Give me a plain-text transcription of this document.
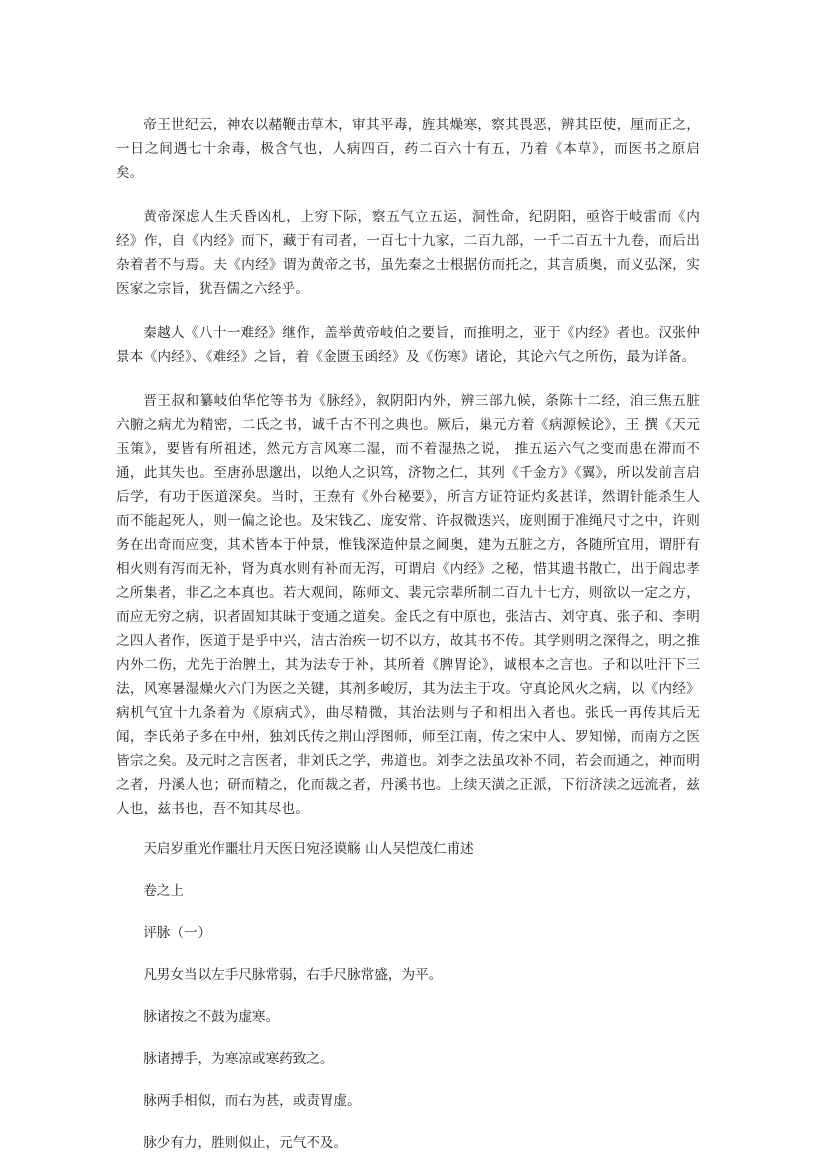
帝王世纪云，神农以赭鞭击草木，审其平毒，旌其燥寒，察其畏恶，辨其臣使，厘而正之，一日之间遇七十余毒，极含气也，人病四百，药二百六十有五，乃着《本草》，而医书之原启矣。

黄帝深虑人生夭昏凶札，上穷下际，察五气立五运，洞性命，纪阴阳，亟咨于岐雷而《内经》作，自《内经》而下，藏于有司者，一百七十九家，二百九部，一千二百五十九卷，而后出杂着者不与焉。夫《内经》谓为黄帝之书，虽先秦之士根据仿而托之，其言质奥，而义弘深，实医家之宗旨，犹吾儒之六经乎。

秦越人《八十一难经》继作，盖举黄帝岐伯之要旨，而推明之，亚于《内经》者也。汉张仲景本《内经》、《难经》之旨，着《金匮玉函经》及《伤寒》诸论，其论六气之所伤，最为详备。

晋王叔和纂岐伯华佗等书为《脉经》，叙阴阳内外，辨三部九候，条陈十二经，洎三焦五脏六腑之病尤为精密，二氏之书，诚千古不刊之典也。厥后，巢元方着《病源候论》，王 撰《天元玉策》，要皆有所祖述，然元方言风寒二湿，而不着湿热之说， 推五运六气之变而患在滞而不通，此其失也。至唐孙思邈出，以绝人之识笃，济物之仁，其列《千金方》《翼》，所以发前言启后学，有功于医道深矣。当时，王焘有《外台秘要》，所言方证符证灼炙甚详，然谓针能杀生人而不能起死人，则一偏之论也。及宋钱乙、庞安常、许叔微迭兴，庞则囿于准绳尺寸之中，许则务在出奇而应变，其术皆本于仲景，惟钱深造仲景之阃奥，建为五脏之方，各随所宜用，谓肝有相火则有泻而无补，肾为真水则有补而无泻，可谓启《内经》之秘，惜其遗书散亡，出于阎忠孝之所集者，非乙之本真也。若大观间，陈师文、裴元宗辈所制二百九十七方，则欲以一定之方，而应无穷之病，识者固知其昧于变通之道矣。金氏之有中原也，张洁古、刘守真、张子和、李明之四人者作，医道于是乎中兴，洁古治疾一切不以方，故其书不传。其学则明之深得之，明之推内外二伤，尤先于治脾土，其为法专于补，其所着《脾胃论》，诚根本之言也。子和以吐汗下三法，风寒暑湿燥火六门为医之关键，其剂多峻厉，其为法主于攻。守真论风火之病，以《内经》病机气宜十九条着为《原病式》，曲尽精微，其治法则与子和相出入者也。张氏一再传其后无闻，李氏弟子多在中州，独刘氏传之荆山浮图师，师至江南，传之宋中人、罗知悌，而南方之医皆宗之矣。及元时之言医者，非刘氏之学，弗道也。刘李之法虽攻补不同，若会而通之，神而明之者，丹溪人也；研而精之，化而裁之者，丹溪书也。上续天潢之正派，下衍济渎之远流者，兹人也，兹书也，吾不知其尽也。

天启岁重光作噩壮月天医日宛泾谟觞 山人吴恺茂仁甫述

卷之上

评脉（一）

凡男女当以左手尺脉常弱，右手尺脉常盛，为平。

脉诸按之不鼓为虚寒。

脉诸搏手，为寒凉或寒药致之。

脉两手相似，而右为甚，或责胃虚。

脉少有力，胜则似止，元气不及。
